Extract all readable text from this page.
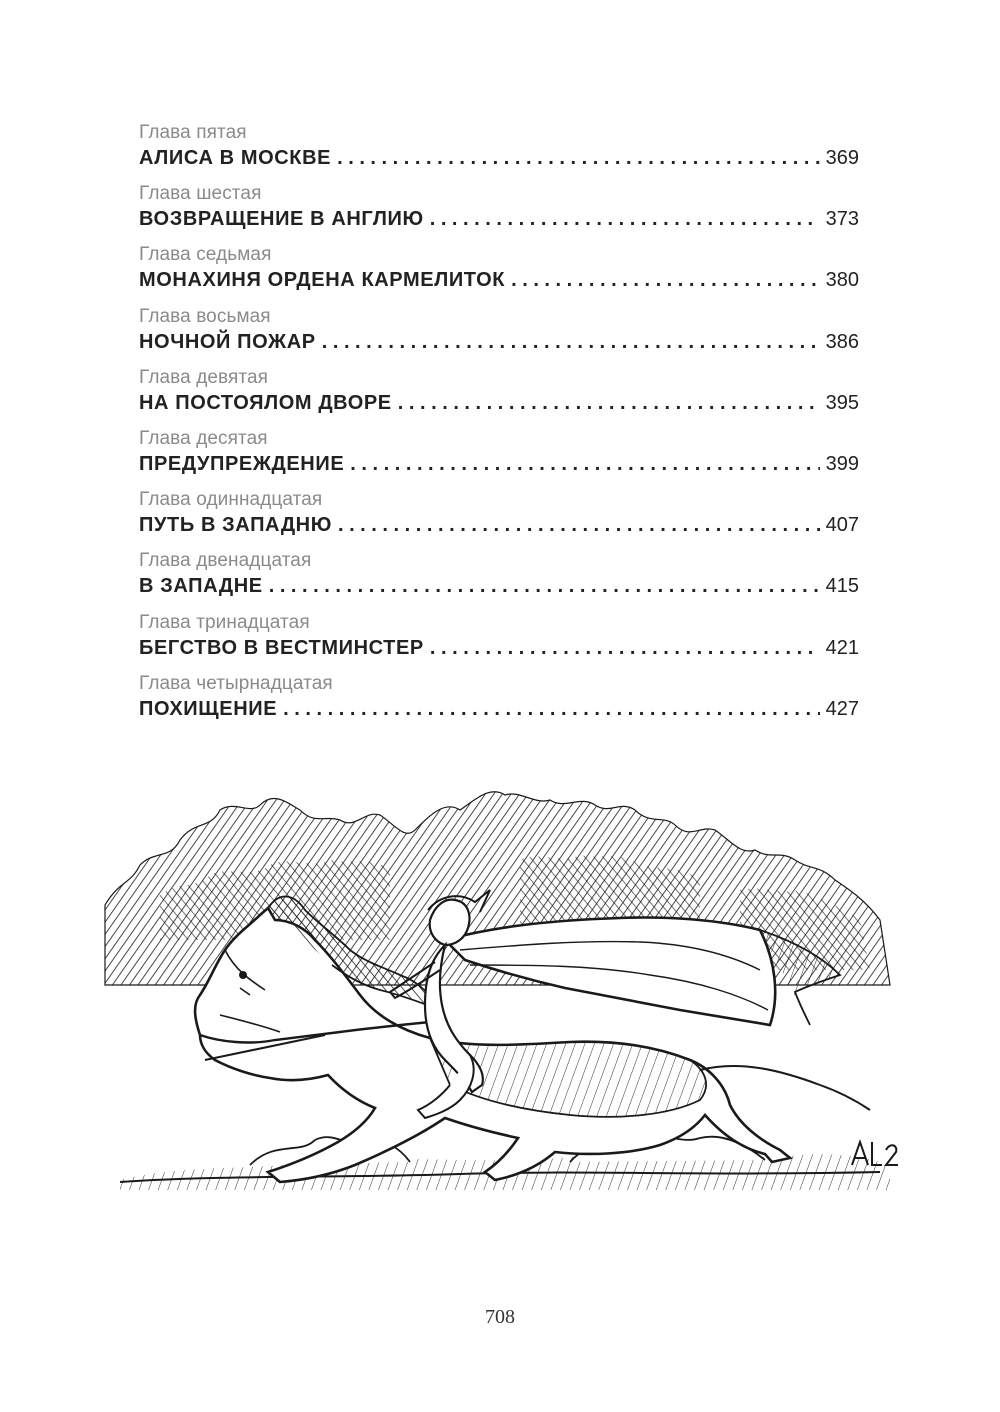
Глава пятая
АЛИСА В МОСКВЕ . . .	369
Глава шестая
ВОЗВРАЩЕНИЕ В АНГЛИЮ . . .	373
Глава седьмая
МОНАХИНЯ ОРДЕНА КАРМЕЛИТОК . . .	380
Глава восьмая
НОЧНОЙ ПОЖАР . . .	386
Глава девятая
НА ПОСТОЯЛОМ ДВОРЕ . . .	395
Глава десятая
ПРЕДУПРЕЖДЕНИЕ . . .	399
Глава одиннадцатая
ПУТЬ В ЗАПАДНЮ . . .	407
Глава двенадцатая
В ЗАПАДНЕ . . .	415
Глава тринадцатая
БЕГСТВО В ВЕСТМИНСТЕР . . .	421
Глава четырнадцатая
ПОХИЩЕНИЕ . . .	427
708
